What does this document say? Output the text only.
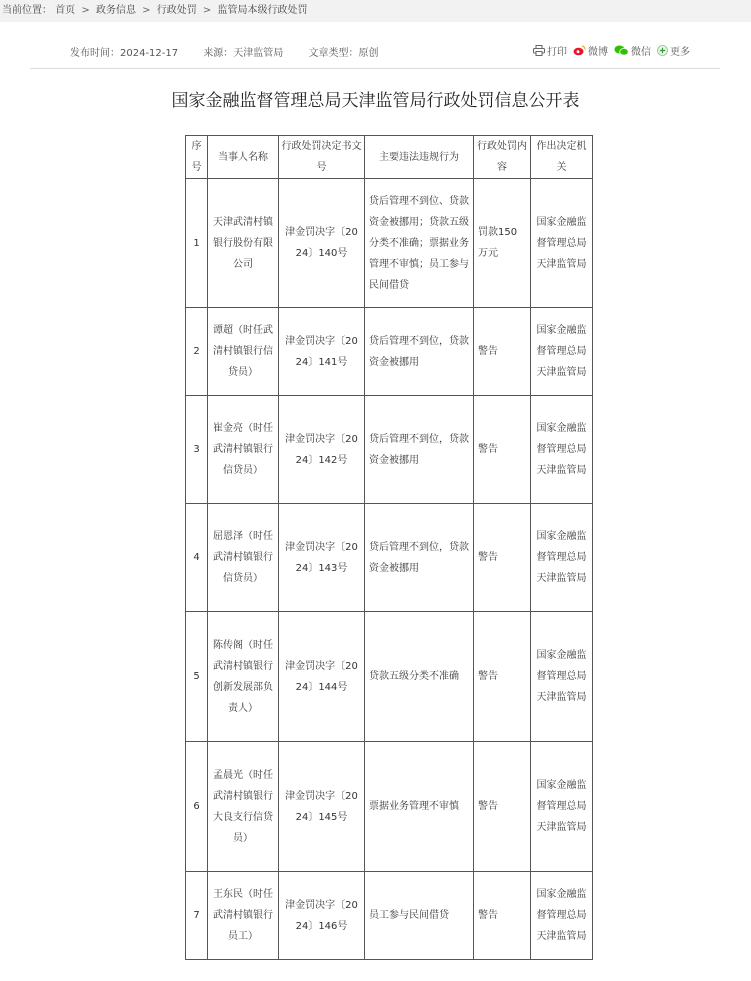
当前位置： 首页 > 政务信息 > 行政处罚 > 监管局本级行政处罚
发布时间：2024-12-17	来源：天津监管局	文章类型：原创	打印 微博 微信 更多
国家金融监督管理总局天津监管局行政处罚信息公开表
序号	当事人名称	行政处罚决定书文号	主要违法违规行为	行政处罚内容	作出决定机关
1	天津武清村镇银行股份有限公司	津金罚决字〔2024〕140号	贷后管理不到位、贷款资金被挪用；贷款五级分类不准确；票据业务管理不审慎；员工参与民间借贷	罚款150万元	国家金融监督管理总局天津监管局
2	谭超（时任武清村镇银行信贷员）	津金罚决字〔2024〕141号	贷后管理不到位，贷款资金被挪用	警告	国家金融监督管理总局天津监管局
3	崔金亮（时任武清村镇银行信贷员）	津金罚决字〔2024〕142号	贷后管理不到位，贷款资金被挪用	警告	国家金融监督管理总局天津监管局
4	屈恩泽（时任武清村镇银行信贷员）	津金罚决字〔2024〕143号	贷后管理不到位，贷款资金被挪用	警告	国家金融监督管理总局天津监管局
5	陈传阁（时任武清村镇银行创新发展部负责人）	津金罚决字〔2024〕144号	贷款五级分类不准确	警告	国家金融监督管理总局天津监管局
6	孟晨光（时任武清村镇银行大良支行信贷员）	津金罚决字〔2024〕145号	票据业务管理不审慎	警告	国家金融监督管理总局天津监管局
7	王东民（时任武清村镇银行员工）	津金罚决字〔2024〕146号	员工参与民间借贷	警告	国家金融监督管理总局天津监管局
